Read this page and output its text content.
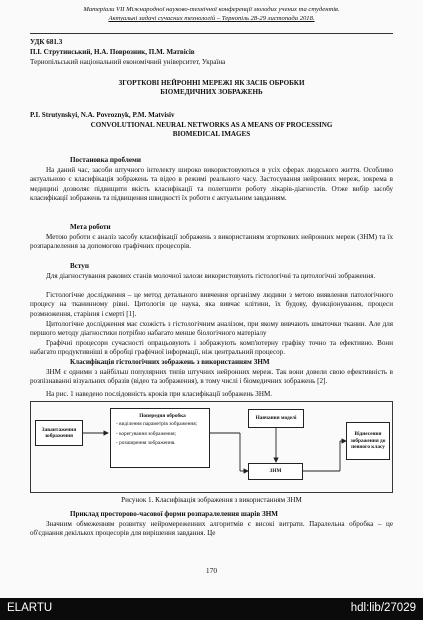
Матеріали VII Міжнародної науково-технічної конференції молодих учених та студентів.
Актуальні задачі сучасних технологій – Тернопіль 28-29 листопада 2018.
УДК 681.3
П.І. Струтинський, Н.А. Поврозник, П.М. Матвісів
Тернопільський національний економічний університет, Україна
ЗГОРТКОВІ НЕЙРОННІ МЕРЕЖІ ЯК ЗАСІБ ОБРОБКИ
БІОМЕДИЧНИХ ЗОБРАЖЕНЬ
P.I. Strutynskyi, N.A. Povroznyk, P.M. Matvisiv
CONVOLUTIONAL NEURAL NETWORKS AS A MEANS OF PROCESSING
BIOMEDICAL IMAGES
Постановка проблеми
На даний час, засоби штучного інтелекту широко використовуються в усіх сферах людського життя. Особливо актуальною є класифікація зображень та відео в режимі реального часу. Застосування нейронних мереж, зокрема в медицині дозволяє підвищити якість класифікації та полегшити роботу лікарів-діагностів. Отже вибір засобу класифікації зображень та підвищення швидкості їх роботи є актуальним завданням.
Мета роботи
Метою роботи є аналіз засобу класифікації зображень з використанням згорткових нейронних мереж (ЗНМ) та їх розпаралелення за допомогою графічних процесорів.
Вступ
Для діагностування ракових станів молочної залози використовують гістологічні та цитологічні зображення.
Гістологічне дослідження – це метод детального вивчення організму людини з метою виявлення патологічного процесу на тканинному рівні. Цитологія це наука, яка вивчає клітини, їх будову, функціонування, процеси розмноження, старіння і смерті [1].
Цитологічне дослідження має схожість з гістологічним аналізом, при якому вивчають шматочки тканин. Але для першого методу діагностики потрібно набагато менше біологічного матеріалу
Графічні процесори сучасності опрацьовують і зображують комп'ютерну графіку точно та ефективно. Вони набагато продуктивніші в обробці графічної інформації, ніж центральний процесор.
Класифікація гістологічних зображень з використанням ЗНМ
ЗНМ є одними з найбільш популярних типів штучних нейронних мереж. Так вони довели свою ефективність в розпізнаванні візуальних образів (відео та зображення), в тому числі і біомедичних зображень [2].
На рис. 1 наведено послідовність кроків при класифікації зображень ЗНМ.
Завантаження зображення
Попередня обробка
- виділення параметрів зображення;
- корегування зображення;
- розширення зображення.
Навчання моделі
ЗНМ
Віднесення зображення до певного класу
Рисунок 1. Класифікація зображення з використанням ЗНМ
Приклад просторово-часової форми розпаралелення шарів ЗНМ
Значним обмеженням розвитку нейромереженних алгоритмів є високі витрати. Паралельна обробка – це об'єднання декількох процесорів для вирішення завдання. Це
170
ELARTU	hdl:lib/27029
